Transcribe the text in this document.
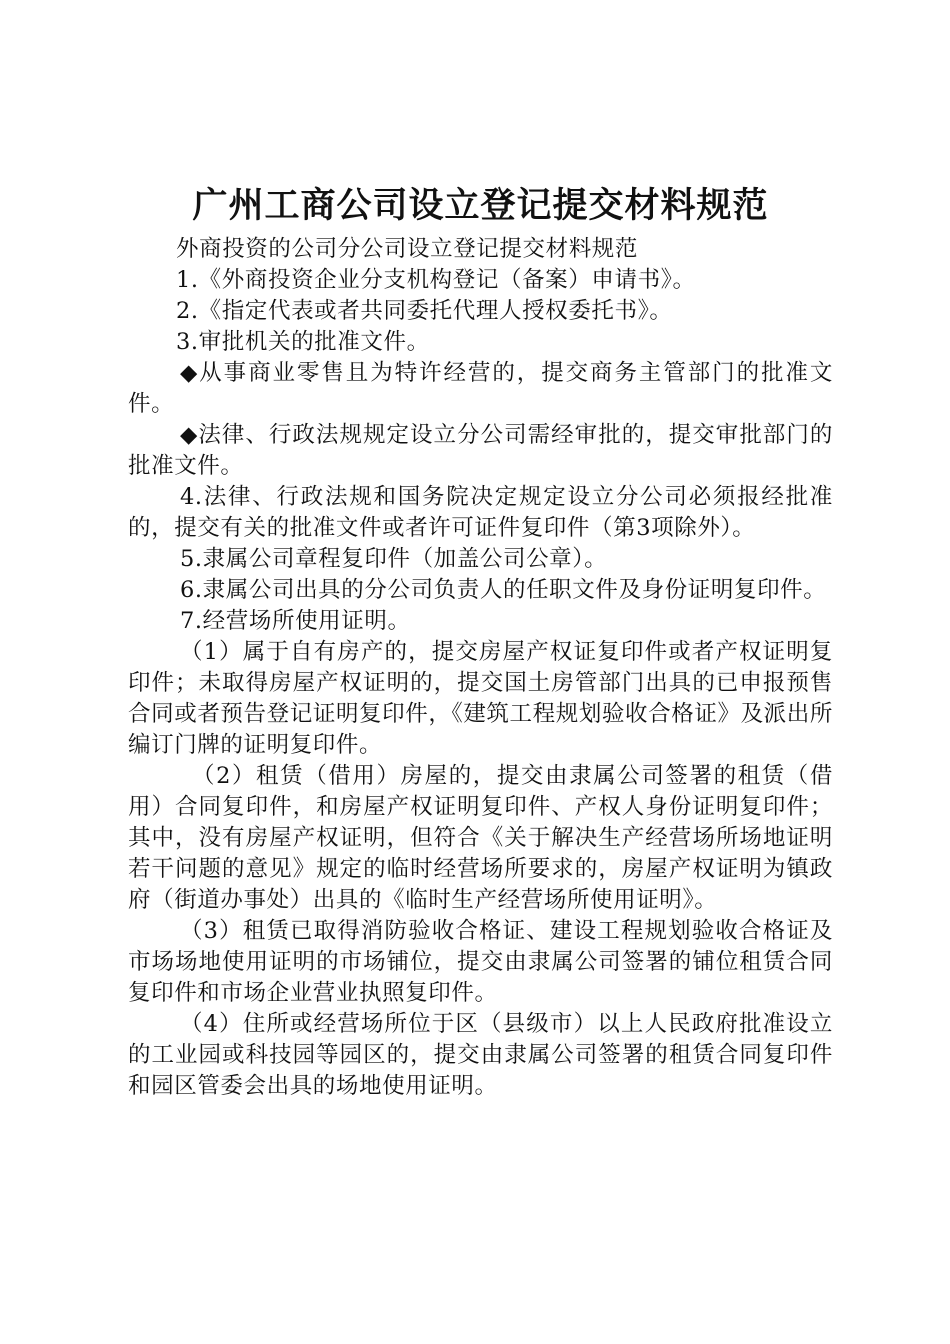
广州工商公司设立登记提交材料规范

外商投资的公司分公司设立登记提交材料规范

1.《外商投资企业分支机构登记（备案）申请书》。

2.《指定代表或者共同委托代理人授权委托书》。

3.审批机关的批准文件。

◆从事商业零售且为特许经营的，提交商务主管部门的批准文件。

◆法律、行政法规规定设立分公司需经审批的，提交审批部门的批准文件。

4.法律、行政法规和国务院决定规定设立分公司必须报经批准的，提交有关的批准文件或者许可证件复印件（第3项除外）。

5.隶属公司章程复印件（加盖公司公章）。

6.隶属公司出具的分公司负责人的任职文件及身份证明复印件。

7.经营场所使用证明。

（1）属于自有房产的，提交房屋产权证复印件或者产权证明复印件；未取得房屋产权证明的，提交国土房管部门出具的已申报预售合同或者预告登记证明复印件，《建筑工程规划验收合格证》及派出所编订门牌的证明复印件。

（2）租赁（借用）房屋的，提交由隶属公司签署的租赁（借用）合同复印件，和房屋产权证明复印件、产权人身份证明复印件；其中，没有房屋产权证明，但符合《关于解决生产经营场所场地证明若干问题的意见》规定的临时经营场所要求的，房屋产权证明为镇政府（街道办事处）出具的《临时生产经营场所使用证明》。

（3）租赁已取得消防验收合格证、建设工程规划验收合格证及市场场地使用证明的市场铺位，提交由隶属公司签署的铺位租赁合同复印件和市场企业营业执照复印件。

（4）住所或经营场所位于区（县级市）以上人民政府批准设立的工业园或科技园等园区的，提交由隶属公司签署的租赁合同复印件和园区管委会出具的场地使用证明。
